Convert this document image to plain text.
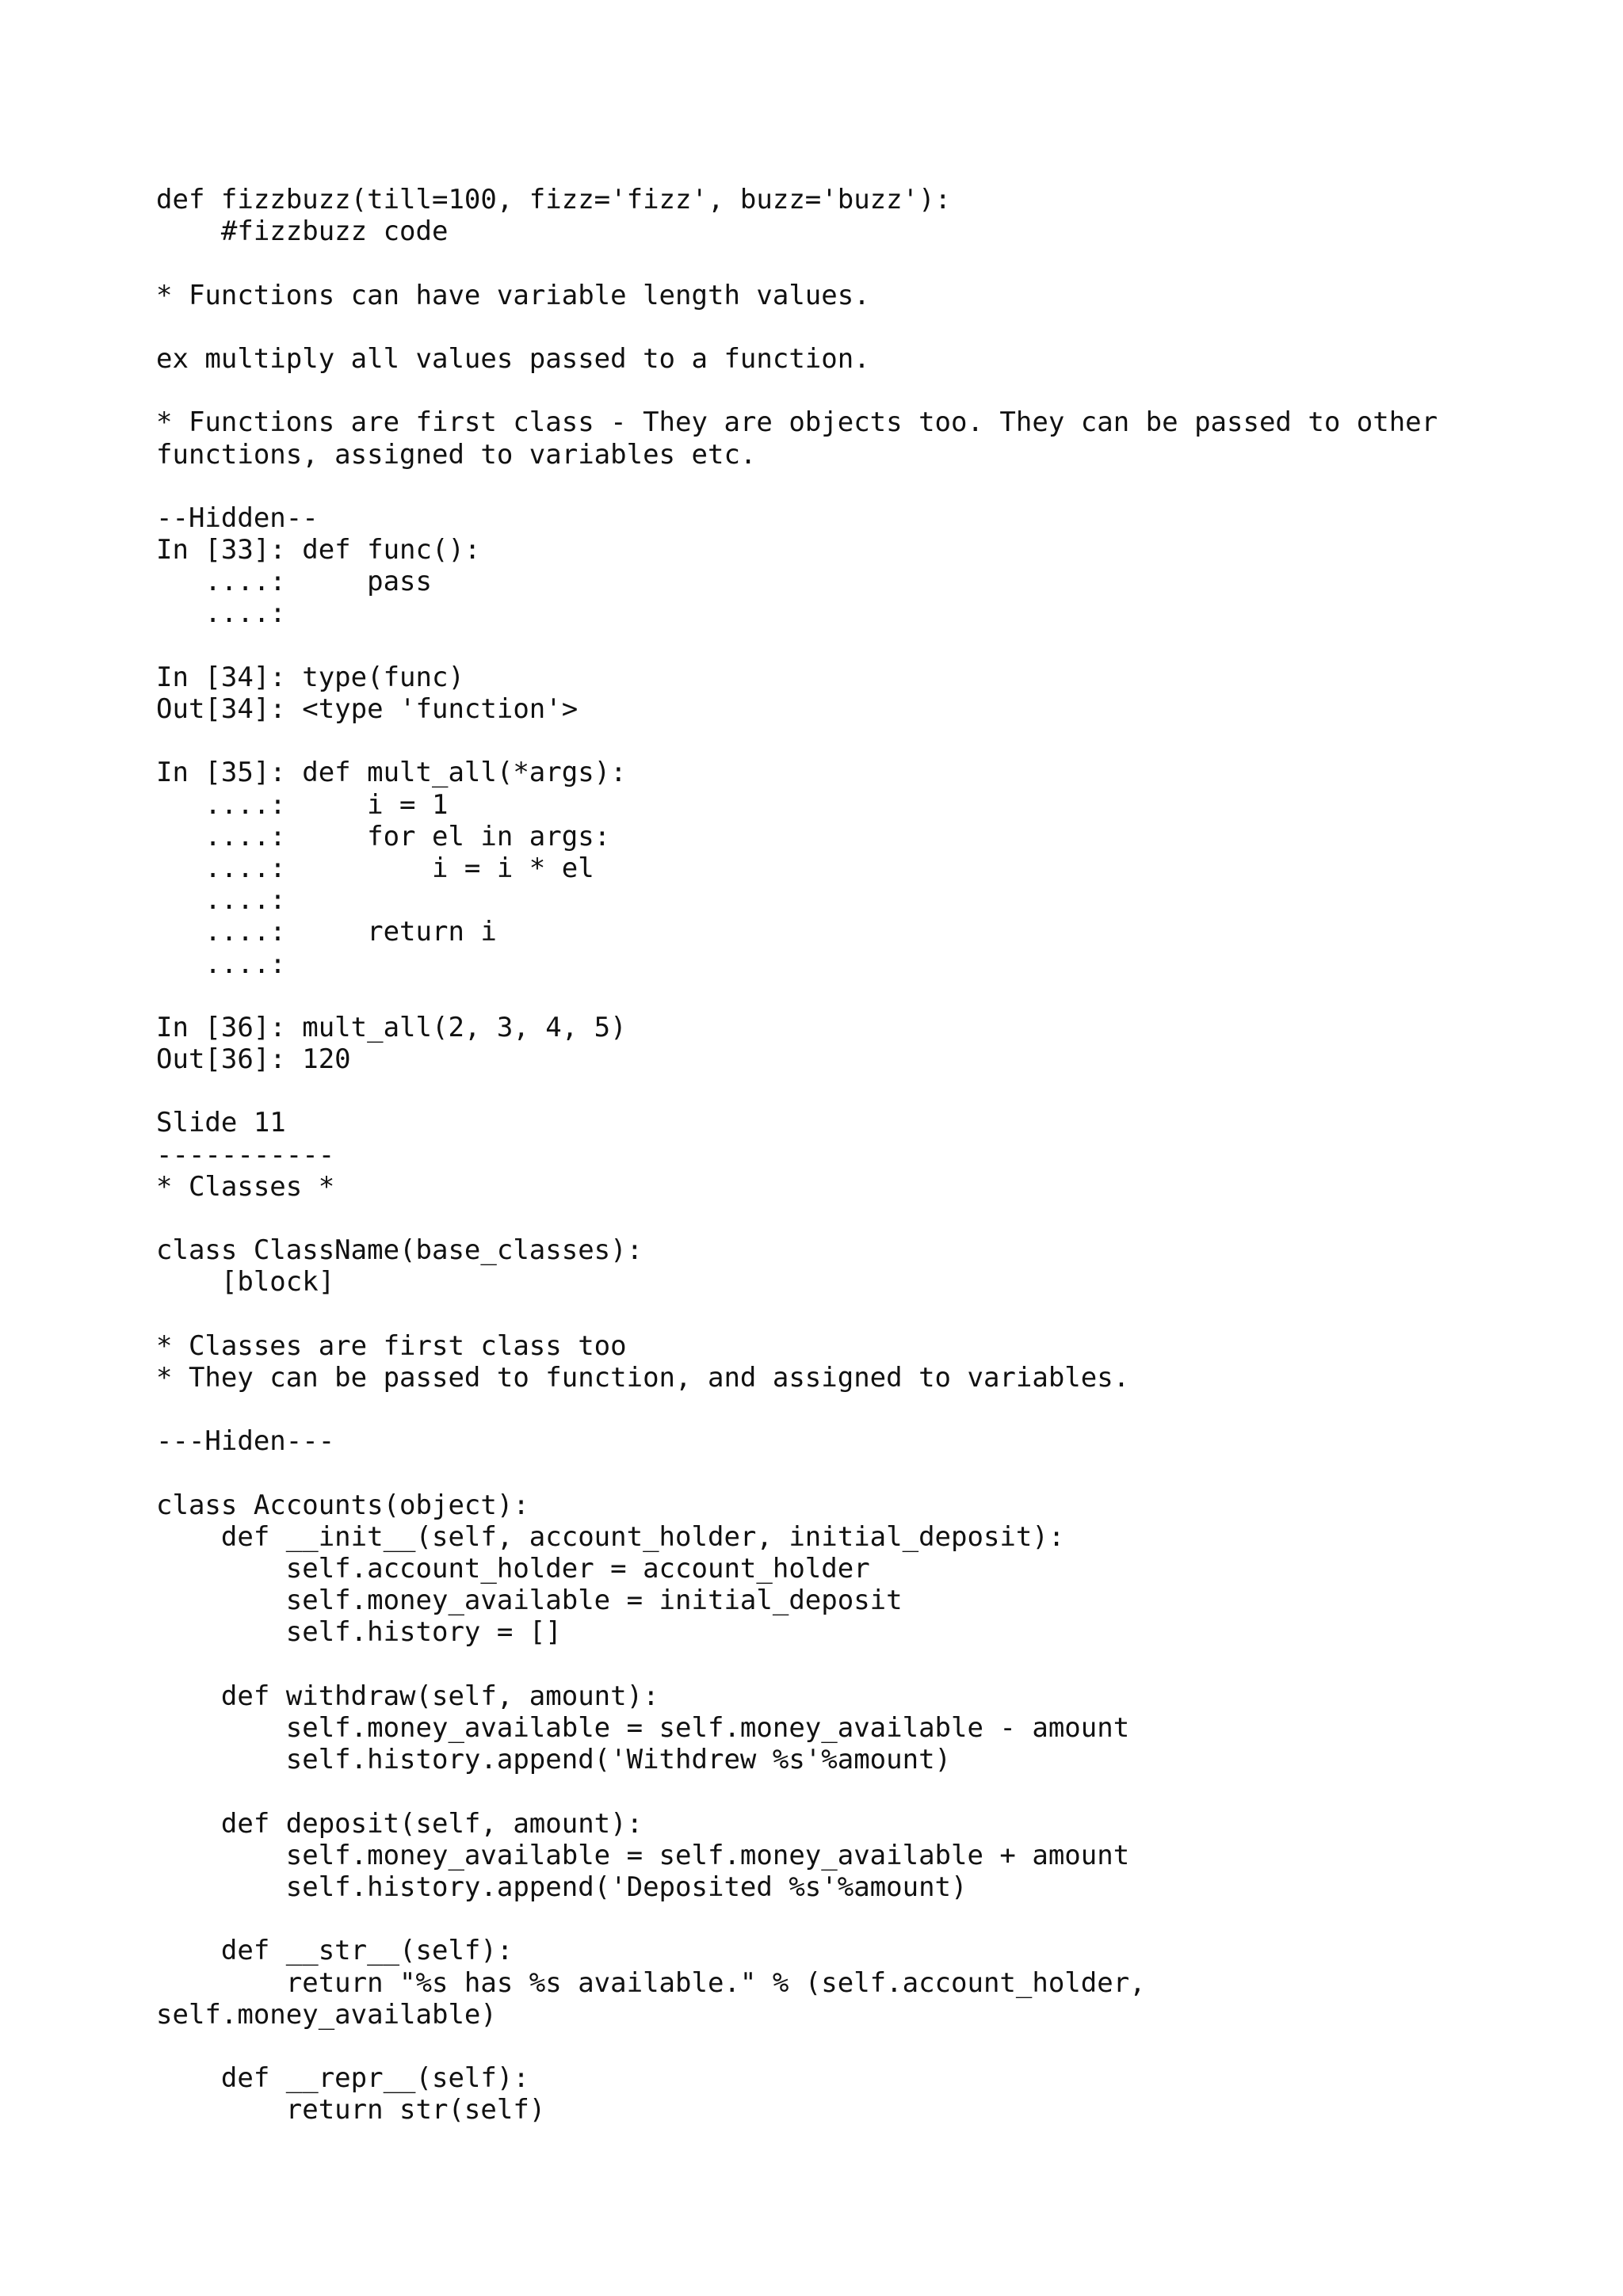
def fizzbuzz(till=100, fizz='fizz', buzz='buzz'):
#fizzbuzz code
* Functions can have variable length values.
ex multiply all values passed to a function.
* Functions are first class - They are objects too. They can be passed to other
functions, assigned to variables etc.
--Hidden--
In [33]: def func():
....:     pass
....:
In [34]: type(func)
Out[34]: <type 'function'>
In [35]: def mult_all(*args):
....:     i = 1
....:     for el in args:
....:         i = i * el
....:
....:     return i
....:
In [36]: mult_all(2, 3, 4, 5)
Out[36]: 120
Slide 11
-----------
* Classes *
class ClassName(base_classes):
[block]
* Classes are first class too
* They can be passed to function, and assigned to variables.
---Hiden---
class Accounts(object):
def __init__(self, account_holder, initial_deposit):
self.account_holder = account_holder
self.money_available = initial_deposit
self.history = []
def withdraw(self, amount):
self.money_available = self.money_available - amount
self.history.append('Withdrew %s'%amount)
def deposit(self, amount):
self.money_available = self.money_available + amount
self.history.append('Deposited %s'%amount)
def __str__(self):
return "%s has %s available." % (self.account_holder,
self.money_available)
def __repr__(self):
return str(self)
